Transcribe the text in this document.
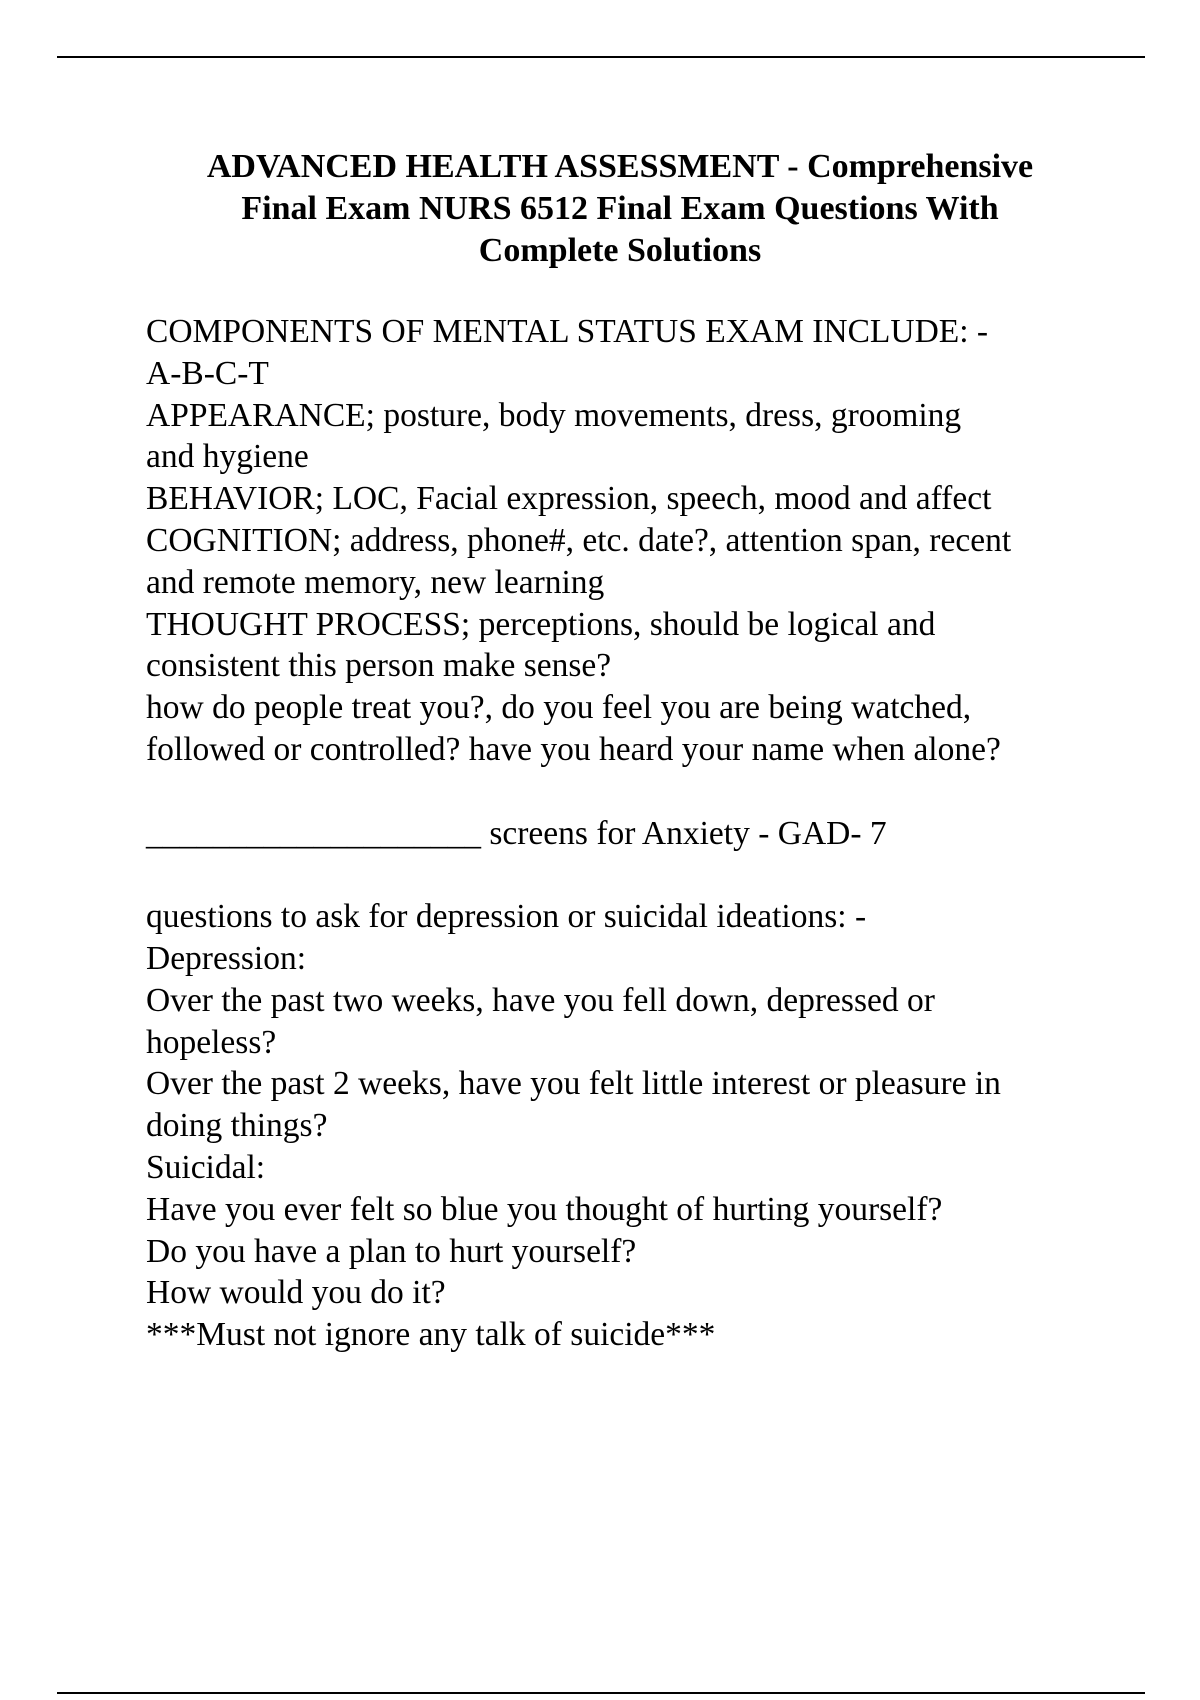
ADVANCED HEALTH ASSESSMENT - Comprehensive
Final Exam NURS 6512 Final Exam Questions With
Complete Solutions
COMPONENTS OF MENTAL STATUS EXAM INCLUDE: -
A-B-C-T
APPEARANCE; posture, body movements, dress, grooming
and hygiene
BEHAVIOR; LOC, Facial expression, speech, mood and affect
COGNITION; address, phone#, etc. date?, attention span, recent
and remote memory, new learning
THOUGHT PROCESS; perceptions, should be logical and
consistent this person make sense?
how do people treat you?, do you feel you are being watched,
followed or controlled? have you heard your name when alone?
____________________ screens for Anxiety - GAD- 7
questions to ask for depression or suicidal ideations: -
Depression:
Over the past two weeks, have you fell down, depressed or
hopeless?
Over the past 2 weeks, have you felt little interest or pleasure in
doing things?
Suicidal:
Have you ever felt so blue you thought of hurting yourself?
Do you have a plan to hurt yourself?
How would you do it?
***Must not ignore any talk of suicide***
